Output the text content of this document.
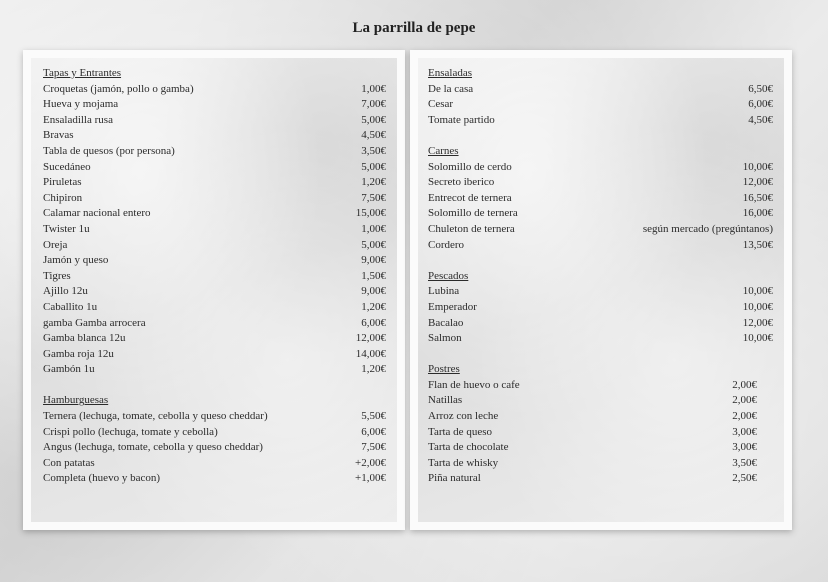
La parrilla de pepe
Tapas y Entrantes
Croquetas (jamón, pollo o gamba)	1,00€
Hueva y mojama	7,00€
Ensaladilla rusa	5,00€
Bravas	4,50€
Tabla de quesos (por persona)	3,50€
Sucedáneo	5,00€
Piruletas	1,20€
Chipiron	7,50€
Calamar nacional entero	15,00€
Twister 1u	1,00€
Oreja	5,00€
Jamón y queso	9,00€
Tigres	1,50€
Ajillo 12u	9,00€
Caballito 1u	1,20€
gamba Gamba arrocera	6,00€
Gamba blanca 12u	12,00€
Gamba roja 12u	14,00€
Gambón 1u	1,20€
Hamburguesas
Ternera (lechuga, tomate, cebolla y queso cheddar)	5,50€
Crispi pollo (lechuga, tomate y cebolla)	6,00€
Angus (lechuga, tomate, cebolla y queso cheddar)	7,50€
Con patatas	+2,00€
Completa (huevo y bacon)	+1,00€
Ensaladas
De la casa	6,50€
Cesar	6,00€
Tomate partido	4,50€
Carnes
Solomillo de cerdo	10,00€
Secreto iberico	12,00€
Entrecot de ternera	16,50€
Solomillo de ternera	16,00€
Chuleton de ternera	según mercado (pregúntanos)
Cordero	13,50€
Pescados
Lubina	10,00€
Emperador	10,00€
Bacalao	12,00€
Salmon	10,00€
Postres
Flan de huevo o cafe	2,00€
Natillas	2,00€
Arroz con leche	2,00€
Tarta de queso	3,00€
Tarta de chocolate	3,00€
Tarta de whisky	3,50€
Piña natural	2,50€
